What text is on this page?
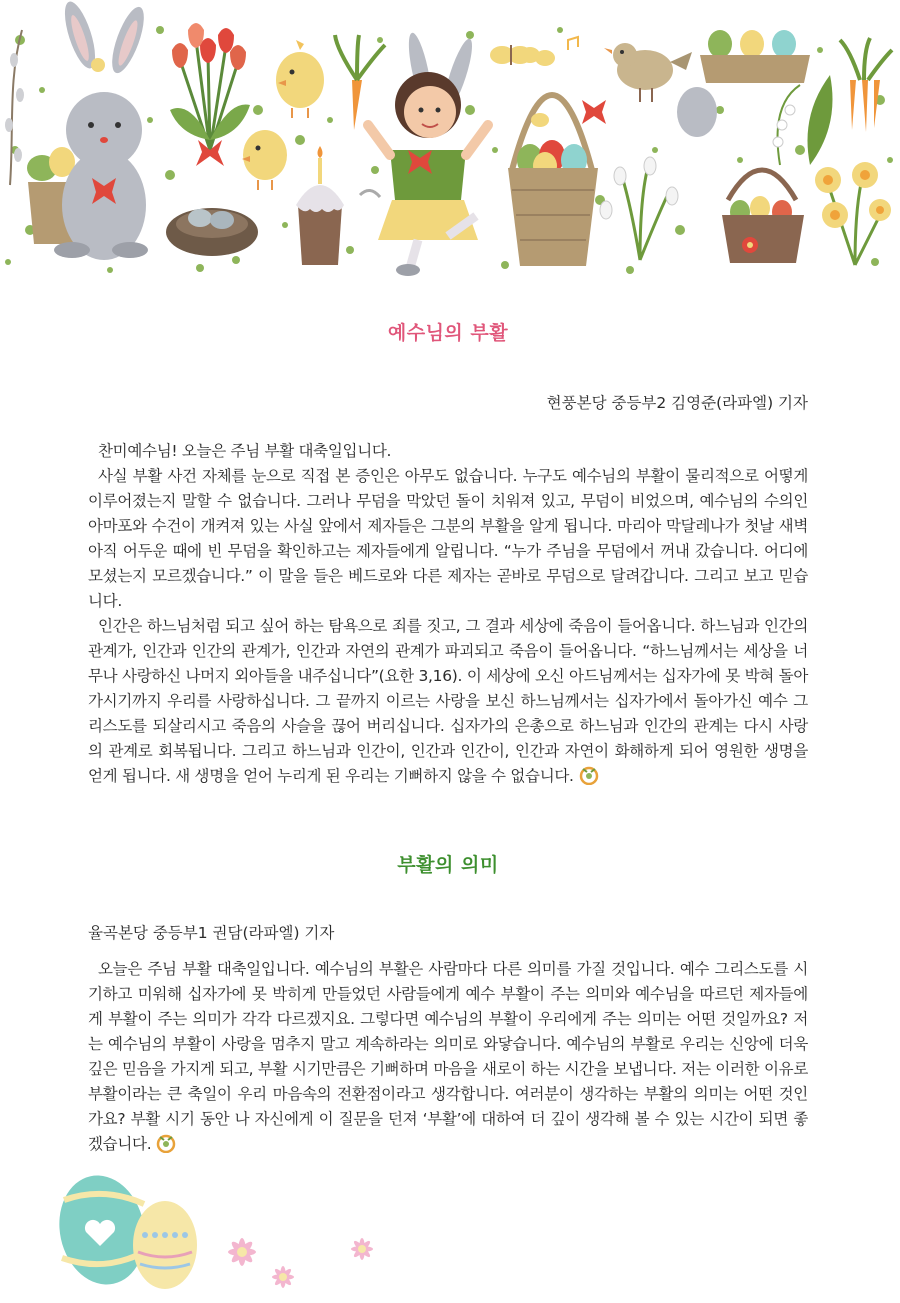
예수님의 부활

현풍본당 중등부2 김영준(라파엘) 기자

찬미예수님! 오늘은 주님 부활 대축일입니다.

사실 부활 사건 자체를 눈으로 직접 본 증인은 아무도 없습니다. 누구도 예수님의 부활이 물리적으로 어떻게 이루어졌는지 말할 수 없습니다. 그러나 무덤을 막았던 돌이 치워져 있고, 무덤이 비었으며, 예수님의 수의인 아마포와 수건이 개켜져 있는 사실 앞에서 제자들은 그분의 부활을 알게 됩니다. 마리아 막달레나가 첫날 새벽 아직 어두운 때에 빈 무덤을 확인하고는 제자들에게 알립니다. “누가 주님을 무덤에서 꺼내 갔습니다. 어디에 모셨는지 모르겠습니다.” 이 말을 들은 베드로와 다른 제자는 곧바로 무덤으로 달려갑니다. 그리고 보고 믿습니다.

인간은 하느님처럼 되고 싶어 하는 탐욕으로 죄를 짓고, 그 결과 세상에 죽음이 들어옵니다. 하느님과 인간의 관계가, 인간과 인간의 관계가, 인간과 자연의 관계가 파괴되고 죽음이 들어옵니다. “하느님께서는 세상을 너무나 사랑하신 나머지 외아들을 내주십니다”(요한 3,16). 이 세상에 오신 아드님께서는 십자가에 못 박혀 돌아가시기까지 우리를 사랑하십니다. 그 끝까지 이르는 사랑을 보신 하느님께서는 십자가에서 돌아가신 예수 그리스도를 되살리시고 죽음의 사슬을 끊어 버리십니다. 십자가의 은총으로 하느님과 인간의 관계는 다시 사랑의 관계로 회복됩니다. 그리고 하느님과 인간이, 인간과 인간이, 인간과 자연이 화해하게 되어 영원한 생명을 얻게 됩니다. 새 생명을 얻어 누리게 된 우리는 기뻐하지 않을 수 없습니다.

부활의 의미

율곡본당 중등부1 권담(라파엘) 기자

오늘은 주님 부활 대축일입니다. 예수님의 부활은 사람마다 다른 의미를 가질 것입니다. 예수 그리스도를 시기하고 미워해 십자가에 못 박히게 만들었던 사람들에게 예수 부활이 주는 의미와 예수님을 따르던 제자들에게 부활이 주는 의미가 각각 다르겠지요. 그렇다면 예수님의 부활이 우리에게 주는 의미는 어떤 것일까요? 저는 예수님의 부활이 사랑을 멈추지 말고 계속하라는 의미로 와닿습니다. 예수님의 부활로 우리는 신앙에 더욱 깊은 믿음을 가지게 되고, 부활 시기만큼은 기뻐하며 마음을 새로이 하는 시간을 보냅니다. 저는 이러한 이유로 부활이라는 큰 축일이 우리 마음속의 전환점이라고 생각합니다. 여러분이 생각하는 부활의 의미는 어떤 것인가요? 부활 시기 동안 나 자신에게 이 질문을 던져 ‘부활’에 대하여 더 깊이 생각해 볼 수 있는 시간이 되면 좋겠습니다.
